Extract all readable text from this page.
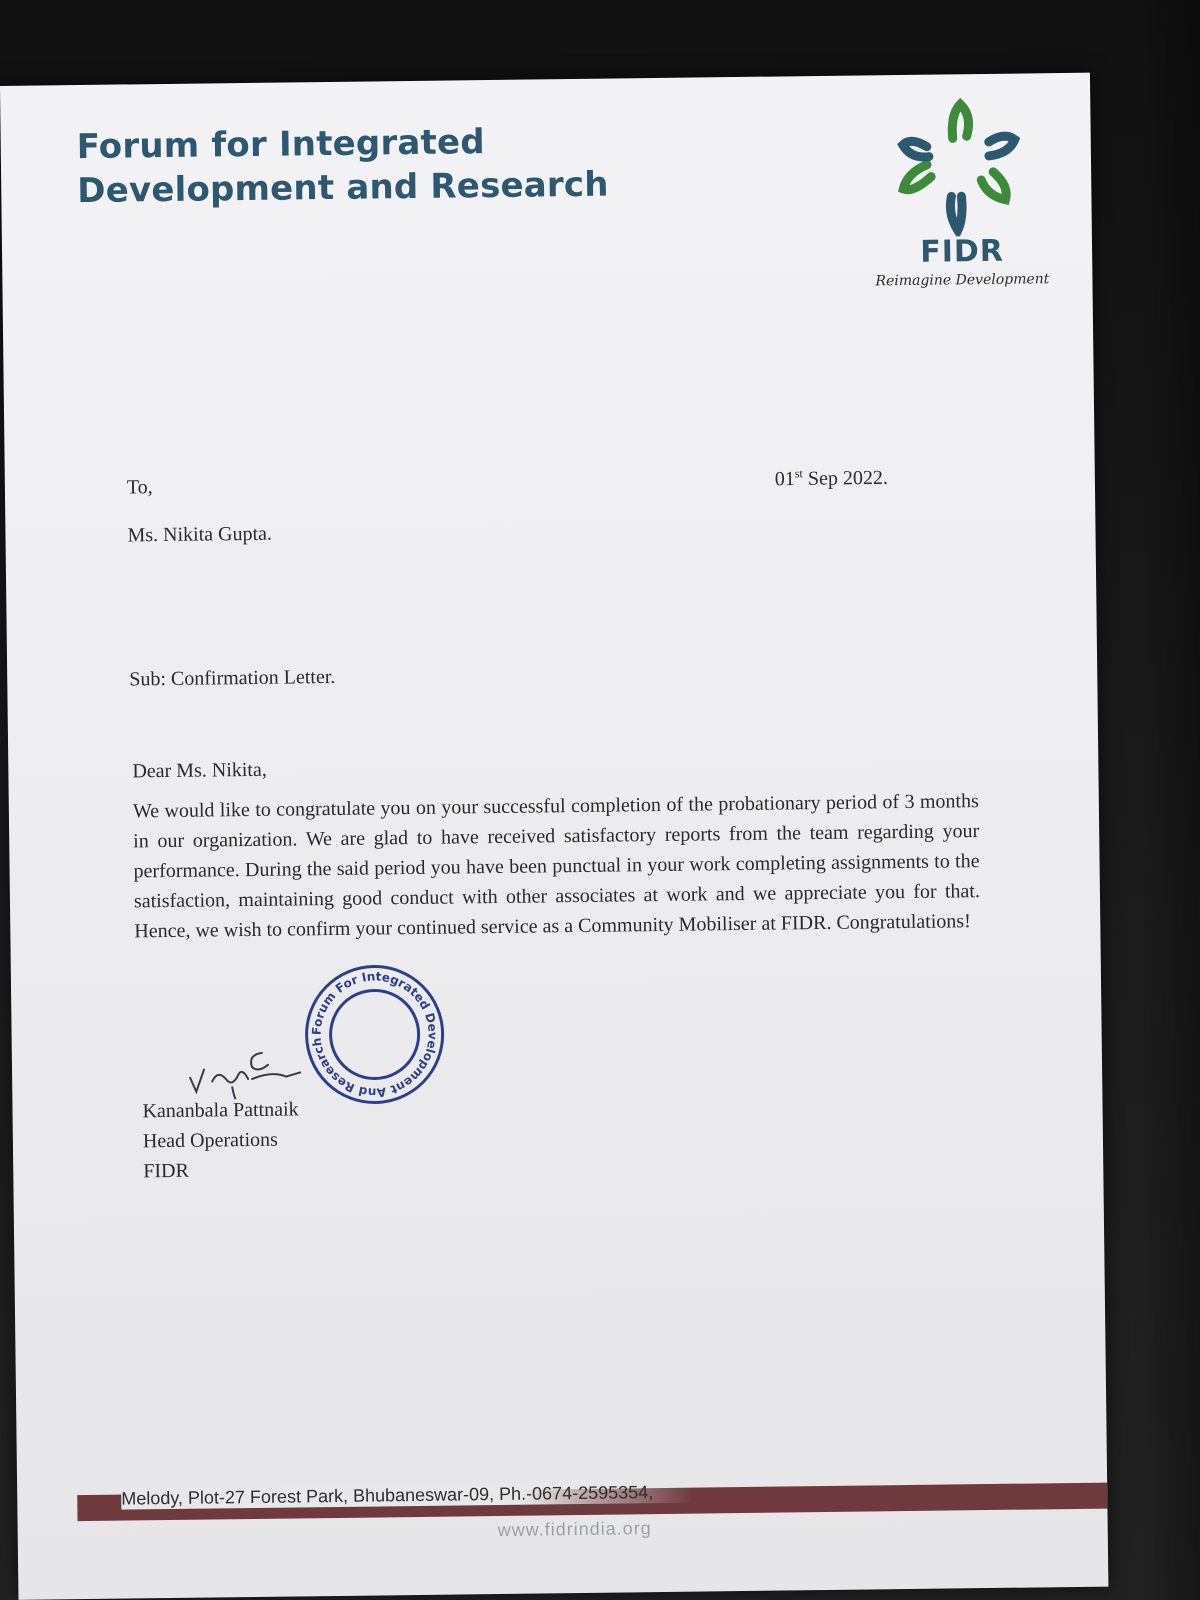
Forum for Integrated
Development and Research
FIDR
Reimagine Development
To,	01st Sep 2022.
Ms. Nikita Gupta.
Sub: Confirmation Letter.
Dear Ms. Nikita,

We would like to congratulate you on your successful completion of the probationary period of 3 months in our organization. We are glad to have received satisfactory reports from the team regarding your performance. During the said period you have been punctual in your work completing assignments to the satisfaction, maintaining good conduct with other associates at work and we appreciate you for that. Hence, we wish to confirm your continued service as a Community Mobiliser at FIDR. Congratulations!

Forum For Integrated Development And Research
Kananbala Pattnaik
Head Operations
FIDR
Melody, Plot-27 Forest Park, Bhubaneswar-09, Ph.-0674-2595354,
www.fidrindia.org
